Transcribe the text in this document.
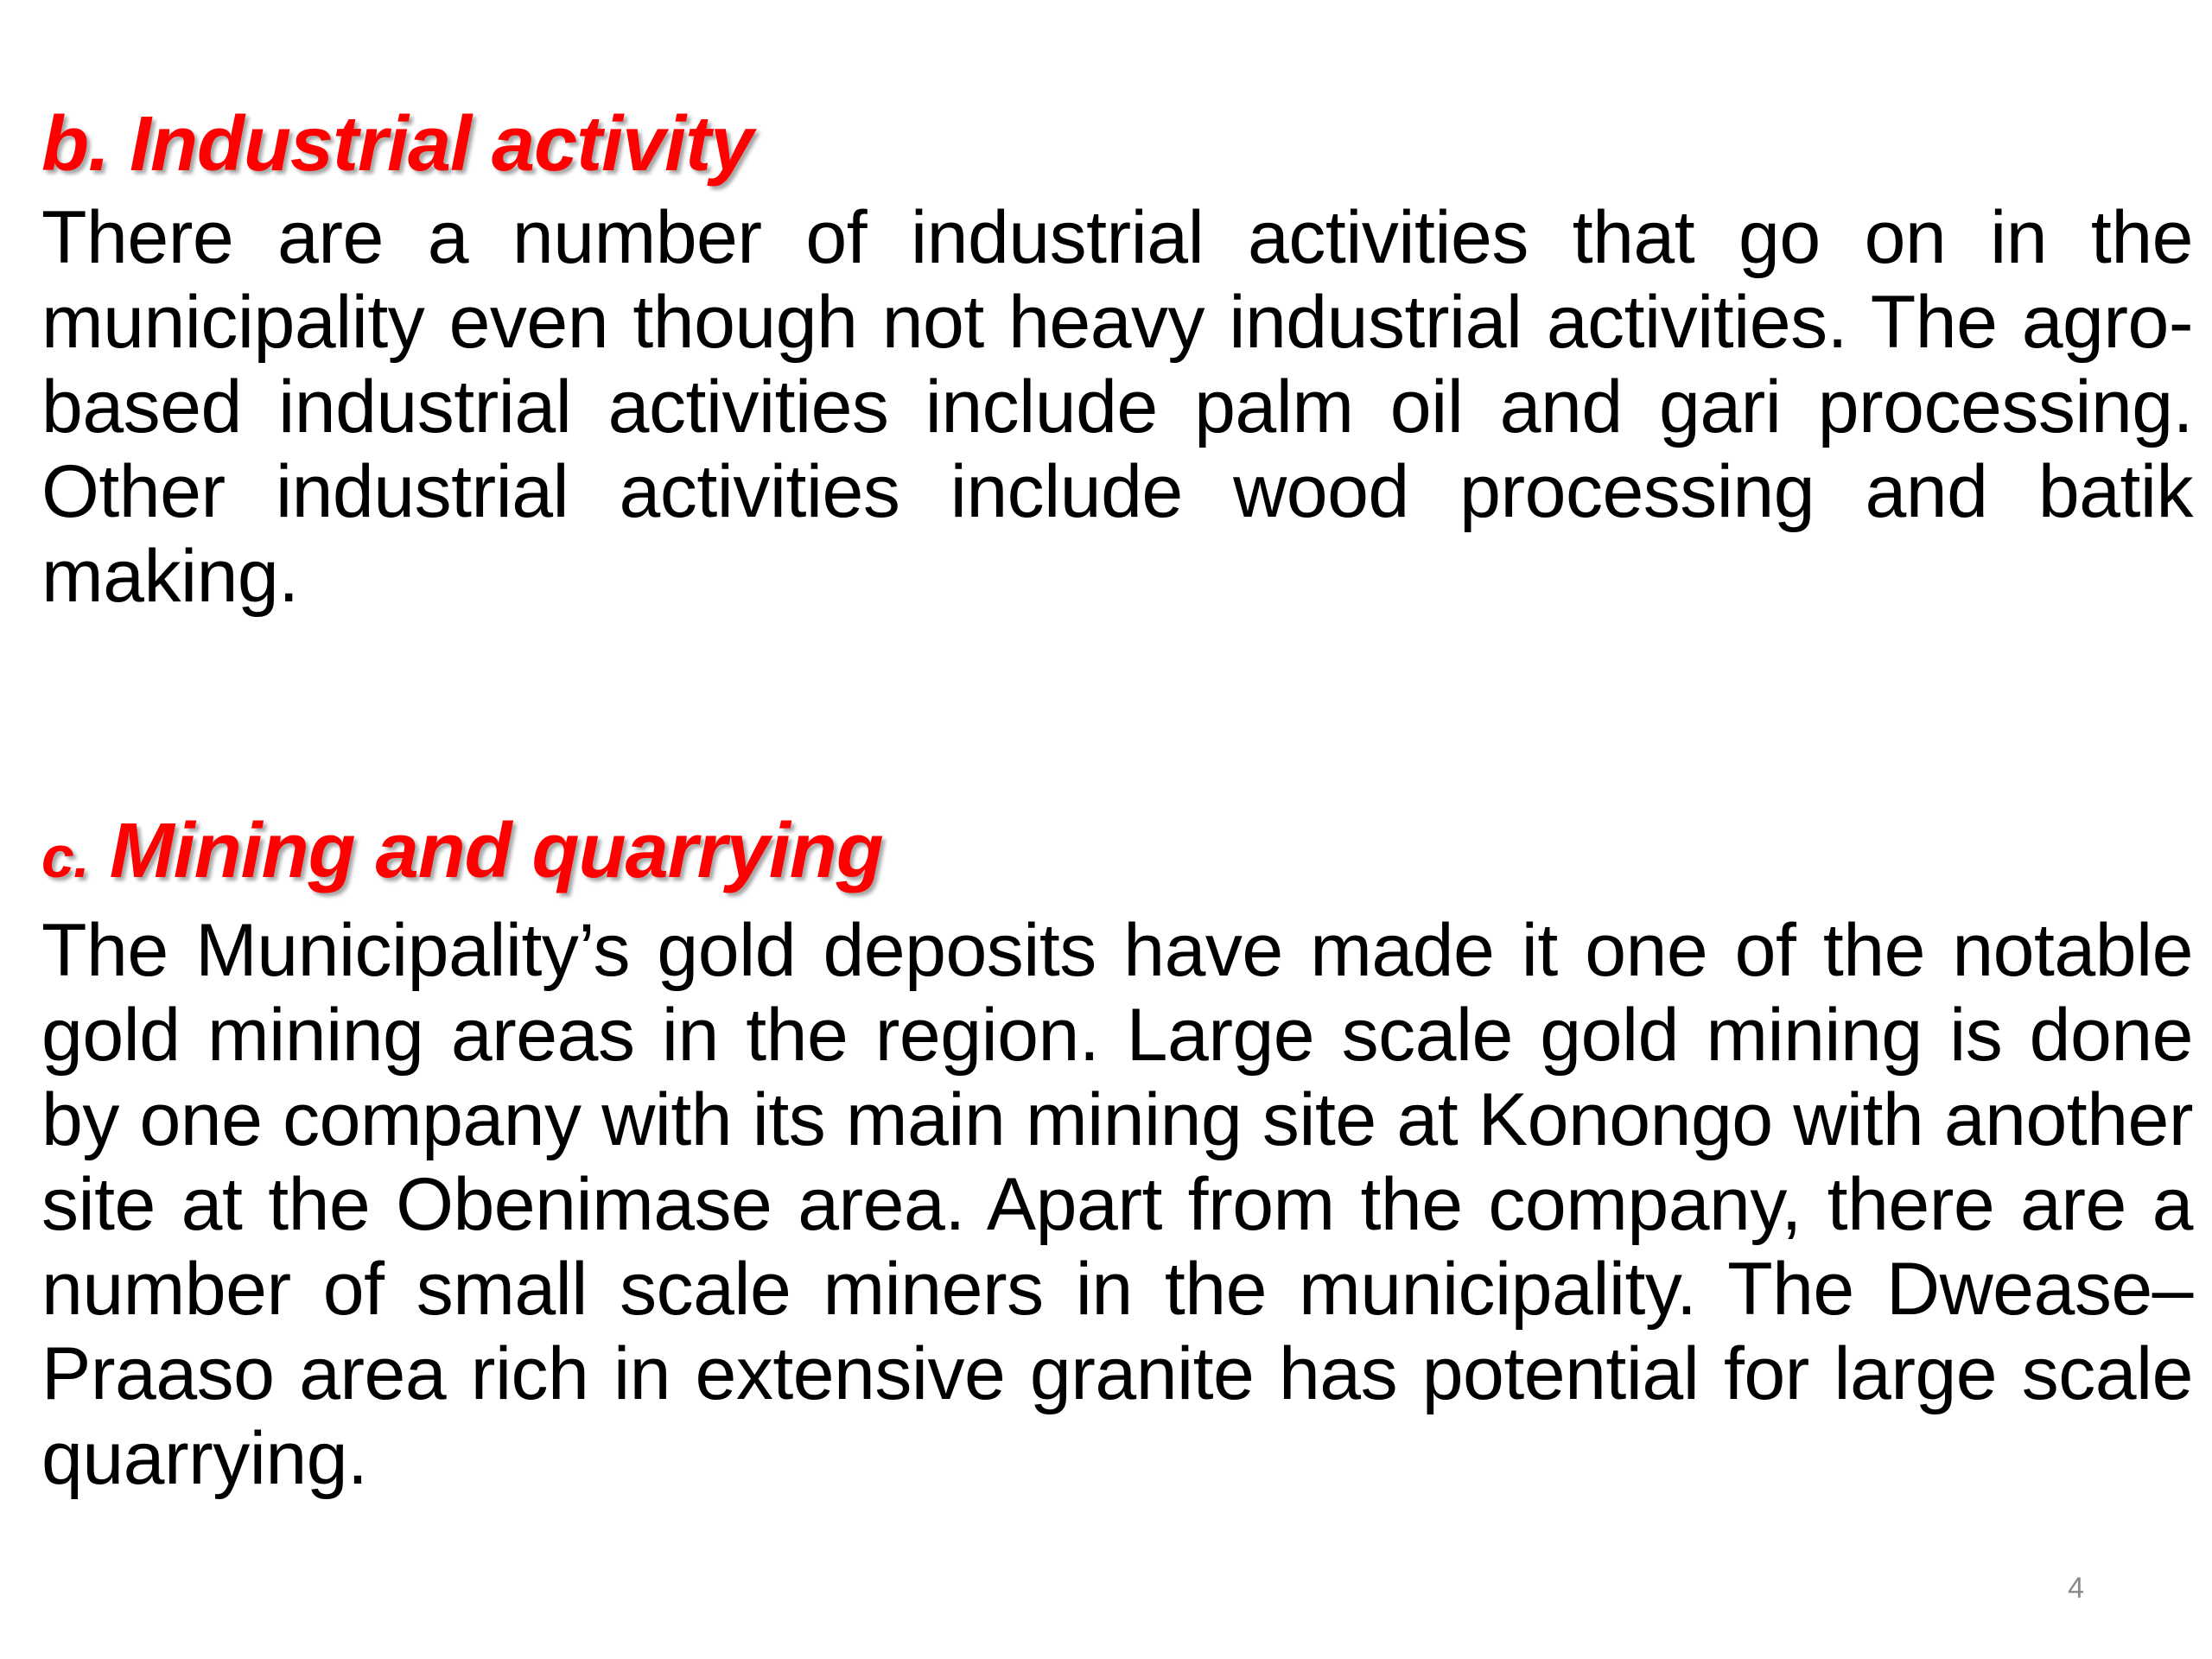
b. Industrial activity

There are a number of industrial activities that go on in the municipality even though not heavy industrial activities. The agro-based industrial activities include palm oil and gari processing. Other industrial activities include wood processing and batik making.

c. Mining and quarrying

The Municipality’s gold deposits have made it one of the notable gold mining areas in the region. Large scale gold mining is done by one company with its main mining site at Konongo with another site at the Obenimase area. Apart from the company, there are a number of small scale miners in the municipality. The Dwease–Praaso area rich in extensive granite has potential for large scale quarrying.

4
